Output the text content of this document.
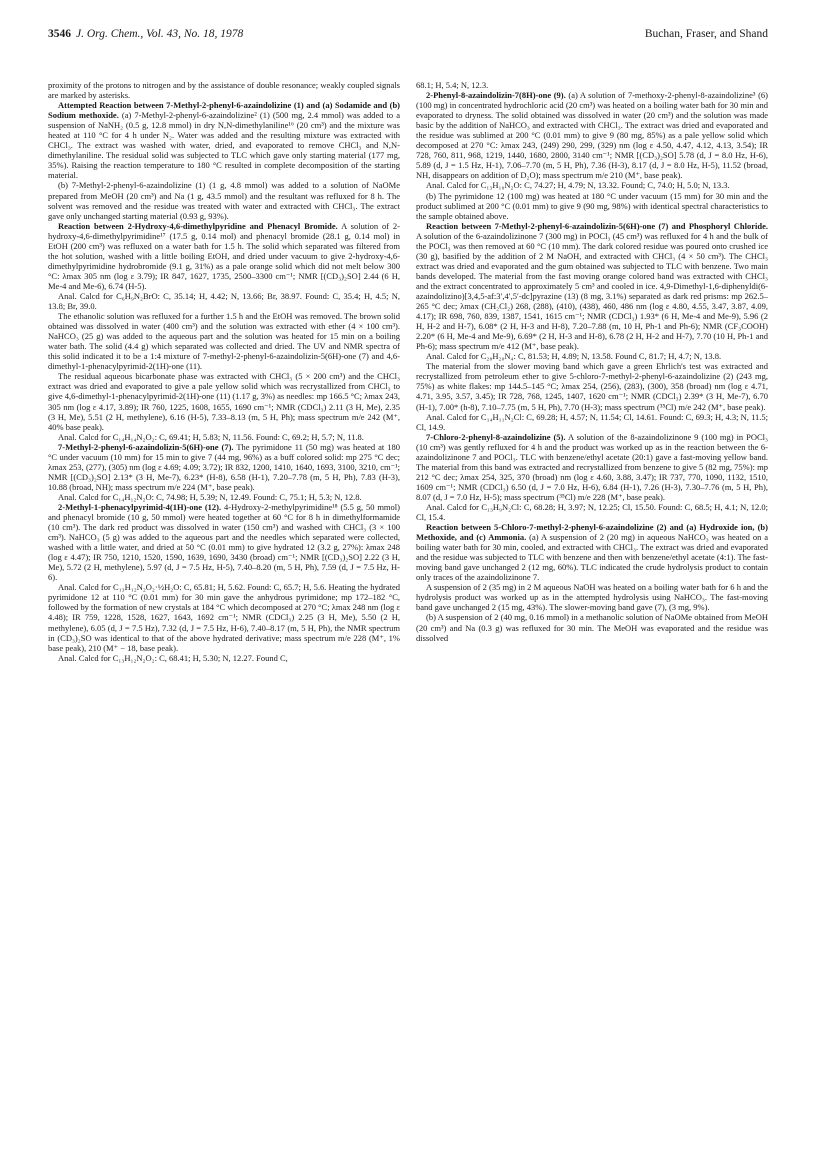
3546 J. Org. Chem., Vol. 43, No. 18, 1978	Buchan, Fraser, and Shand

proximity of the protons to nitrogen and by the assistance of double resonance; weakly coupled signals are marked by asterisks.

Attempted Reaction between 7-Methyl-2-phenyl-6-azaindolizine (1) and (a) Sodamide and (b) Sodium methoxide. (a) 7-Methyl-2-phenyl-6-azaindolizine² (1) (500 mg, 2.4 mmol) was added to a suspension of NaNH₂ (0.5 g, 12.8 mmol) in dry N,N-dimethylaniline¹⁶ (20 cm³) and the mixture was heated at 110 °C for 4 h under N₂. Water was added and the resulting mixture was extracted with CHCl₃. The extract was washed with water, dried, and evaporated to remove CHCl₃ and N,N-dimethylaniline. The residual solid was subjected to TLC which gave only starting material (177 mg, 35%). Raising the reaction temperature to 180 °C resulted in complete decomposition of the starting material.

(b) 7-Methyl-2-phenyl-6-azaindolizine (1) (1 g, 4.8 mmol) was added to a solution of NaOMe prepared from MeOH (20 cm³) and Na (1 g, 43.5 mmol) and the resultant was refluxed for 8 h. The solvent was removed and the residue was treated with water and extracted with CHCl₃. The extract gave only unchanged starting material (0.93 g, 93%).

Reaction between 2-Hydroxy-4,6-dimethylpyridine and Phenacyl Bromide. A solution of 2-hydroxy-4,6-dimethylpyrimidine¹⁷ (17.5 g, 0.14 mol) and phenacyl bromide (28.1 g, 0.14 mol) in EtOH (200 cm³) was refluxed on a water bath for 1.5 h. The solid which separated was filtered from the hot solution, washed with a little boiling EtOH, and dried under vacuum to give 2-hydroxy-4,6-dimethylpyrimidine hydrobromide (9.1 g, 31%) as a pale orange solid which did not melt below 300 °C: λmax 305 nm (log ε 3.79); IR 847, 1627, 1735, 2500–3300 cm⁻¹; NMR [(CD₃)₂SO] 2.44 (6 H, Me-4 and Me-6), 6.74 (H-5).

Anal. Calcd for C₆H₉N₂BrO: C, 35.14; H, 4.42; N, 13.66; Br, 38.97. Found: C, 35.4; H, 4.5; N, 13.8; Br, 39.0.

The ethanolic solution was refluxed for a further 1.5 h and the EtOH was removed. The brown solid obtained was dissolved in water (400 cm³) and the solution was extracted with ether (4 × 100 cm³). NaHCO₃ (25 g) was added to the aqueous part and the solution was heated for 15 min on a boiling water bath. The solid (4.4 g) which separated was collected and dried. The UV and NMR spectra of this solid indicated it to be a 1:4 mixture of 7-methyl-2-phenyl-6-azaindolizin-5(6H)-one (7) and 4,6-dimethyl-1-phenacylpyrimid-2(1H)-one (11).

The residual aqueous bicarbonate phase was extracted with CHCl₃ (5 × 200 cm³) and the CHCl₃ extract was dried and evaporated to give a pale yellow solid which was recrystallized from CHCl₃ to give 4,6-dimethyl-1-phenacylpyrimid-2(1H)-one (11) (1.17 g, 3%) as needles: mp 166.5 °C; λmax 243, 305 nm (log ε 4.17, 3.89); IR 760, 1225, 1608, 1655, 1690 cm⁻¹; NMR (CDCl₃) 2.11 (3 H, Me), 2.35 (3 H, Me), 5.51 (2 H, methylene), 6.16 (H-5), 7.33–8.13 (m, 5 H, Ph); mass spectrum m/e 242 (M⁺, 40% base peak).

Anal. Calcd for C₁₄H₁₄N₂O₂: C, 69.41; H, 5.83; N, 11.56. Found: C, 69.2; H, 5.7; N, 11.8.

7-Methyl-2-phenyl-6-azaindolizin-5(6H)-one (7). The pyrimidone 11 (50 mg) was heated at 180 °C under vacuum (10 mm) for 15 min to give 7 (44 mg, 96%) as a buff colored solid: mp 275 °C dec; λmax 253, (277), (305) nm (log ε 4.69; 4.09; 3.72); IR 832, 1200, 1410, 1640, 1693, 3100, 3210, cm⁻¹; NMR [(CD₃)₂SO] 2.13* (3 H, Me-7), 6.23* (H-8), 6.58 (H-1), 7.20–7.78 (m, 5 H, Ph), 7.83 (H-3), 10.88 (broad, NH); mass spectrum m/e 224 (M⁺, base peak).

Anal. Calcd for C₁₄H₁₂N₂O: C, 74.98; H, 5.39; N, 12.49. Found: C, 75.1; H, 5.3; N, 12.8.

2-Methyl-1-phenacylpyrimid-4(1H)-one (12). 4-Hydroxy-2-methylpyrimidine¹⁸ (5.5 g, 50 mmol) and phenacyl bromide (10 g, 50 mmol) were heated together at 60 °C for 8 h in dimethylformamide (10 cm³). The dark red product was dissolved in water (150 cm³) and washed with CHCl₃ (3 × 100 cm³). NaHCO₃ (5 g) was added to the aqueous part and the needles which separated were collected, washed with a little water, and dried at 50 °C (0.01 mm) to give hydrated 12 (3.2 g, 27%): λmax 248 (log ε 4.47); IR 750, 1210, 1520, 1590, 1639, 1690, 3430 (broad) cm⁻¹; NMR [(CD₃)₂SO] 2.22 (3 H, Me), 5.72 (2 H, methylene), 5.97 (d, J = 7.5 Hz, H-5), 7.40–8.20 (m, 5 H, Ph), 7.59 (d, J = 7.5 Hz, H-6).

Anal. Calcd for C₁₃H₁₂N₂O₂·½H₂O: C, 65.81; H, 5.62. Found: C, 65.7; H, 5.6. Heating the hydrated pyrimidone 12 at 110 °C (0.01 mm) for 30 min gave the anhydrous pyrimidone; mp 172–182 °C, followed by the formation of new crystals at 184 °C which decomposed at 270 °C; λmax 248 nm (log ε 4.48); IR 759, 1228, 1528, 1627, 1643, 1692 cm⁻¹; NMR (CDCl₃) 2.25 (3 H, Me), 5.50 (2 H, methylene), 6.05 (d, J = 7.5 Hz), 7.32 (d, J = 7.5 Hz, H-6), 7.40–8.17 (m, 5 H, Ph), the NMR spectrum in (CD₃)₂SO was identical to that of the above hydrated derivative; mass spectrum m/e 228 (M⁺, 1% base peak), 210 (M⁺ − 18, base peak).

Anal. Calcd for C₁₃H₁₂N₂O₂: C, 68.41; H, 5.30; N, 12.27. Found C,

68.1; H, 5.4; N, 12.3.

2-Phenyl-8-azaindolizin-7(8H)-one (9). (a) A solution of 7-methoxy-2-phenyl-8-azaindolizine³ (6) (100 mg) in concentrated hydrochloric acid (20 cm³) was heated on a boiling water bath for 30 min and evaporated to dryness. The solid obtained was dissolved in water (20 cm³) and the solution was made basic by the addition of NaHCO₃ and extracted with CHCl₃. The extract was dried and evaporated and the residue was sublimed at 200 °C (0.01 mm) to give 9 (80 mg, 85%) as a pale yellow solid which decomposed at 270 °C: λmax 243, (249) 290, 299, (329) nm (log ε 4.50, 4.47, 4.12, 4.13, 3.54); IR 728, 760, 811, 968, 1219, 1440, 1680, 2800, 3140 cm⁻¹; NMR [(CD₃)₂SO] 5.78 (d, J = 8.0 Hz, H-6), 5.89 (d, J = 1.5 Hz, H-1), 7.06–7.70 (m, 5 H, Ph), 7.36 (H-3), 8.17 (d, J = 8.0 Hz, H-5), 11.52 (broad, NH, disappears on addition of D₂O); mass spectrum m/e 210 (M⁺, base peak).

Anal. Calcd for C₁₃H₁₀N₂O: C, 74.27; H, 4.79; N, 13.32. Found; C, 74.0; H, 5.0; N, 13.3.

(b) The pyrimidone 12 (100 mg) was heated at 180 °C under vacuum (15 mm) for 30 min and the product sublimed at 200 °C (0.01 mm) to give 9 (90 mg, 98%) with identical spectral characteristics to the sample obtained above.

Reaction between 7-Methyl-2-phenyl-6-azaindolizin-5(6H)-one (7) and Phosphoryl Chloride. A solution of the 6-azaindolizinone 7 (300 mg) in POCl₃ (45 cm³) was refluxed for 4 h and the bulk of the POCl₃ was then removed at 60 °C (10 mm). The dark colored residue was poured onto crushed ice (30 g), basified by the addition of 2 M NaOH, and extracted with CHCl₃ (4 × 50 cm³). The CHCl₃ extract was dried and evaporated and the gum obtained was subjected to TLC with benzene. Two main bands developed. The material from the fast moving orange colored band was extracted with CHCl₃ and the extract concentrated to approximately 5 cm³ and cooled in ice. 4,9-Dimethyl-1,6-diphenyldi(6-azaindolizino)[3,4,5-af:3′,4′,5′-dc]pyrazine (13) (8 mg, 3.1%) separated as dark red prisms: mp 262.5–265 °C dec; λmax (CH₂Cl₂) 268, (288), (410), (438), 460, 486 nm (log ε 4.80, 4.55, 3.47, 3.87, 4.09, 4.17); IR 698, 760, 839, 1387, 1541, 1615 cm⁻¹; NMR (CDCl₃) 1.93* (6 H, Me-4 and Me-9), 5.96 (2 H, H-2 and H-7), 6.08* (2 H, H-3 and H-8), 7.20–7.88 (m, 10 H, Ph-1 and Ph-6); NMR (CF₃COOH) 2.20* (6 H, Me-4 and Me-9), 6.69* (2 H, H-3 and H-8), 6.78 (2 H, H-2 and H-7), 7.70 (10 H, Ph-1 and Ph-6); mass spectrum m/e 412 (M⁺, base peak).

Anal. Calcd for C₂₈H₂₀N₄: C, 81.53; H, 4.89; N, 13.58. Found C, 81.7; H, 4.7; N, 13.8.

The material from the slower moving band which gave a green Ehrlich's test was extracted and recrystallized from petroleum ether to give 5-chloro-7-methyl-2-phenyl-6-azaindolizine (2) (243 mg, 75%) as white flakes: mp 144.5–145 °C; λmax 254, (256), (283), (300), 358 (broad) nm (log ε 4.71, 4.71, 3.95, 3.57, 3.45); IR 728, 768, 1245, 1407, 1620 cm⁻¹; NMR (CDCl₃) 2.39* (3 H, Me-7), 6.70 (H-1), 7.00* (h-8), 7.10–7.75 (m, 5 H, Ph), 7.70 (H-3); mass spectrum (³⁵Cl) m/e 242 (M⁺, base peak).

Anal. Calcd for C₁₄H₁₁N₂Cl: C, 69.28; H, 4.57; N, 11.54; Cl, 14.61. Found: C, 69.3; H, 4.3; N, 11.5; Cl, 14.9.

7-Chloro-2-phenyl-8-azaindolizine (5). A solution of the 8-azaindolizinone 9 (100 mg) in POCl₃ (10 cm³) was gently refluxed for 4 h and the product was worked up as in the reaction between the 6-azaindolizinone 7 and POCl₃. TLC with benzene/ethyl acetate (20:1) gave a fast-moving yellow band. The material from this band was extracted and recrystallized from benzene to give 5 (82 mg, 75%): mp 212 °C dec; λmax 254, 325, 370 (broad) nm (log ε 4.60, 3.88, 3.47); IR 737, 770, 1090, 1132, 1510, 1609 cm⁻¹; NMR (CDCl₃) 6.50 (d, J = 7.0 Hz, H-6), 6.84 (H-1), 7.26 (H-3), 7.30–7.76 (m, 5 H, Ph), 8.07 (d, J = 7.0 Hz, H-5); mass spectrum (³⁵Cl) m/e 228 (M⁺, base peak).

Anal. Calcd for C₁₃H₉N₂Cl: C, 68.28; H, 3.97; N, 12.25; Cl, 15.50. Found: C, 68.5; H, 4.1; N, 12.0; Cl, 15.4.

Reaction between 5-Chloro-7-methyl-2-phenyl-6-azaindolizine (2) and (a) Hydroxide ion, (b) Methoxide, and (c) Ammonia. (a) A suspension of 2 (20 mg) in aqueous NaHCO₃ was heated on a boiling water bath for 30 min, cooled, and extracted with CHCl₃. The extract was dried and evaporated and the residue was subjected to TLC with benzene and then with benzene/ethyl acetate (4:1). The fast-moving band gave unchanged 2 (12 mg, 60%). TLC indicated the crude hydrolysis product to contain only traces of the azaindolizinone 7.

A suspension of 2 (35 mg) in 2 M aqueous NaOH was heated on a boiling water bath for 6 h and the hydrolysis product was worked up as in the attempted hydrolysis using NaHCO₃. The fast-moving band gave unchanged 2 (15 mg, 43%). The slower-moving band gave (7), (3 mg, 9%).

(b) A suspension of 2 (40 mg, 0.16 mmol) in a methanolic solution of NaOMe obtained from MeOH (20 cm³) and Na (0.3 g) was refluxed for 30 min. The MeOH was evaporated and the residue was dissolved
